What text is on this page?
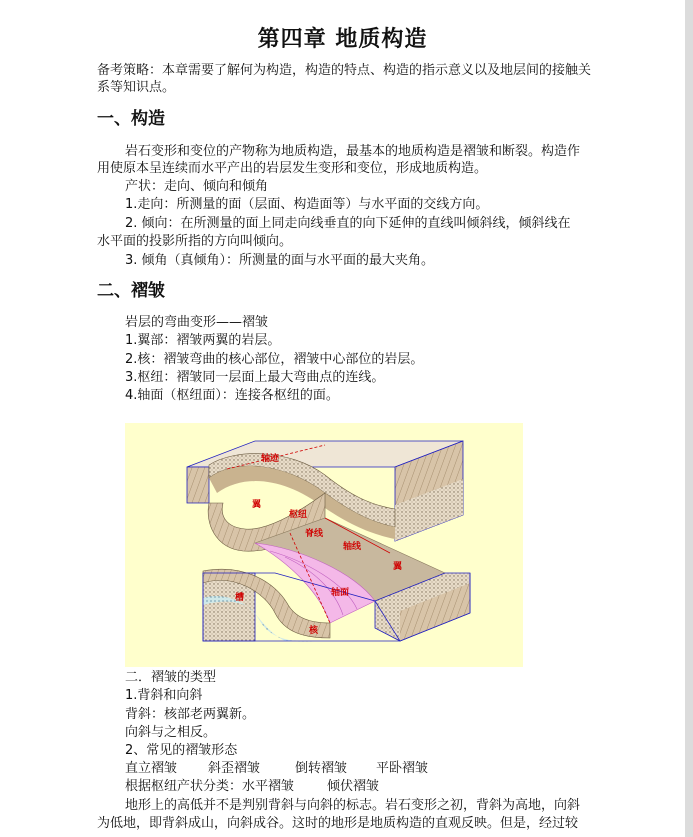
第四章 地质构造
备考策略：本章需要了解何为构造，构造的特点、构造的指示意义以及地层间的接触关
系等知识点。
一、构造
岩石变形和变位的产物称为地质构造，最基本的地质构造是褶皱和断裂。构造作
用使原本呈连续而水平产出的岩层发生变形和变位，形成地质构造。
产状：走向、倾向和倾角
1.走向：所测量的面（层面、构造面等）与水平面的交线方向。
2. 倾向：在所测量的面上同走向线垂直的向下延伸的直线叫倾斜线，倾斜线在
水平面的投影所指的方向叫倾向。
3. 倾角（真倾角）：所测量的面与水平面的最大夹角。
二、褶皱
岩层的弯曲变形——褶皱
1.翼部：褶皱两翼的岩层。
2.核：褶皱弯曲的核心部位，褶皱中心部位的岩层。
3.枢纽：褶皱同一层面上最大弯曲点的连线。
4.轴面（枢纽面）：连接各枢纽的面。
轴迹
翼
枢纽
脊线
轴线
翼
槽	轴面
核
二．褶皱的类型
1.背斜和向斜
背斜：核部老两翼新。
向斜与之相反。
2、常见的褶皱形态
直立褶皱 斜歪褶皱	倒转褶皱 平卧褶皱
根据枢纽产状分类：水平褶皱	倾伏褶皱
地形上的高低并不是判别背斜与向斜的标志。岩石变形之初，背斜为高地，向斜
为低地，即背斜成山，向斜成谷。这时的地形是地质构造的直观反映。但是，经过较
